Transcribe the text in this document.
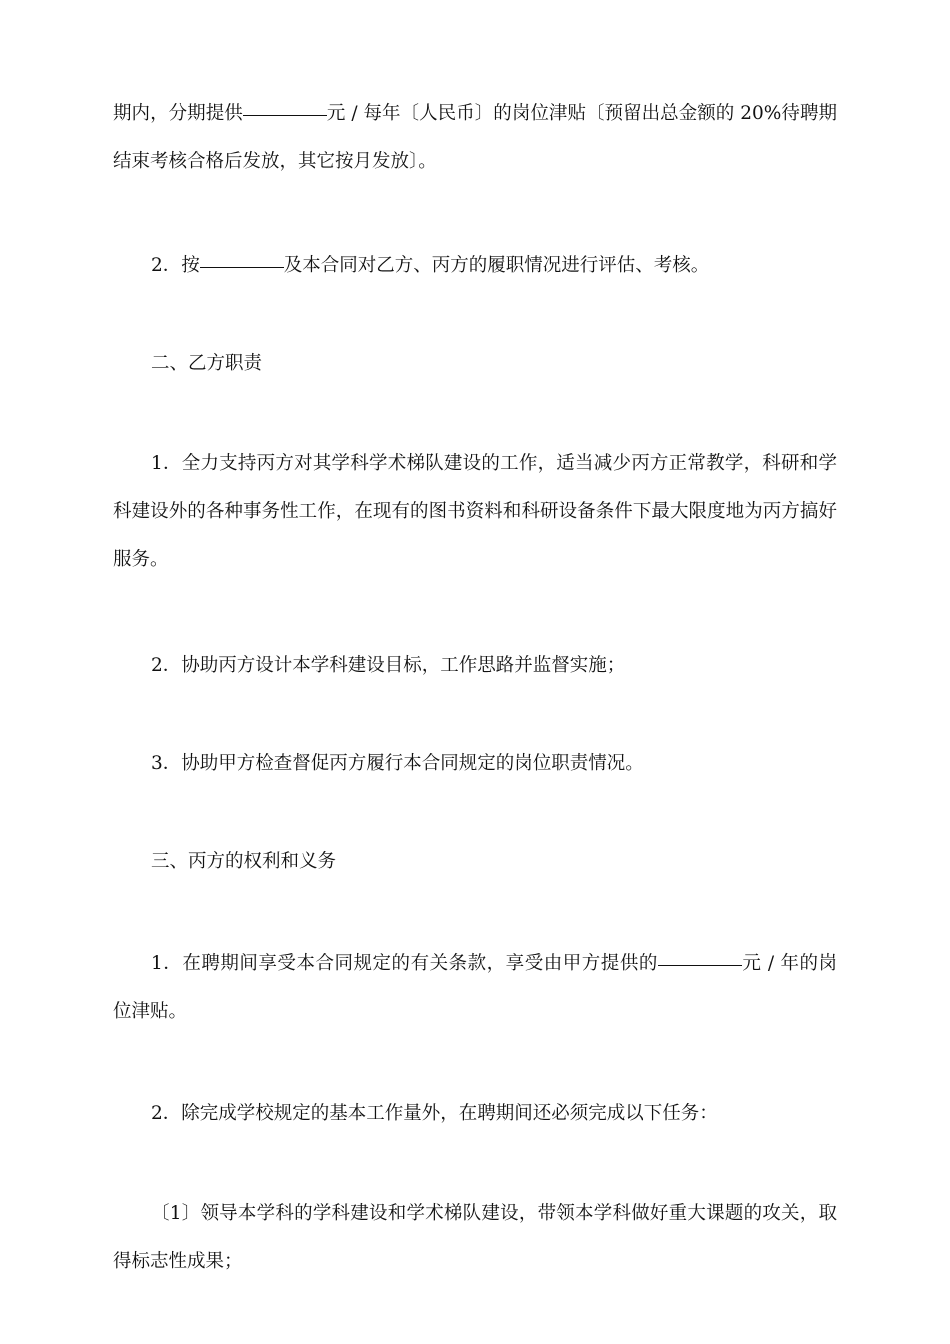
期内，分期提供	元 / 每年〔人民币〕的岗位津贴〔预留出总金额的 20%待聘期结束考核合格后发放，其它按月发放〕。

2．按	及本合同对乙方、丙方的履职情况进行评估、考核。

二、乙方职责

1．全力支持丙方对其学科学术梯队建设的工作，适当减少丙方正常教学，科研和学科建设外的各种事务性工作，在现有的图书资料和科研设备条件下最大限度地为丙方搞好服务。

2．协助丙方设计本学科建设目标，工作思路并监督实施；

3．协助甲方检查督促丙方履行本合同规定的岗位职责情况。

三、丙方的权利和义务

1．在聘期间享受本合同规定的有关条款，享受由甲方提供的	元 / 年的岗位津贴。

2．除完成学校规定的基本工作量外，在聘期间还必须完成以下任务：

〔1〕领导本学科的学科建设和学术梯队建设，带领本学科做好重大课题的攻关，取得标志性成果；
